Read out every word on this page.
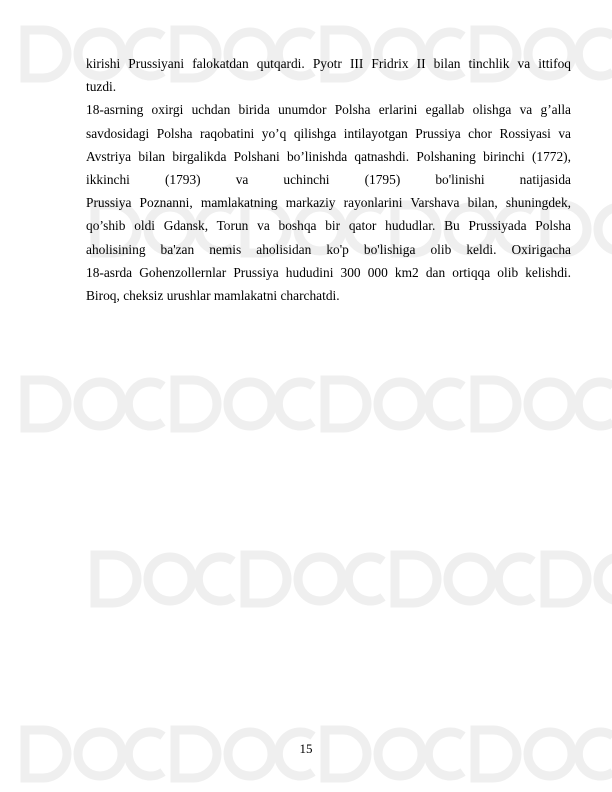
kirishi Prussiyani falokatdan qutqardi. Pyotr III Fridrix II bilan tinchlik va ittifoq
tuzdi.
18-asrning oxirgi uchdan birida unumdor Polsha erlarini egallab olishga va g’alla
savdosidagi Polsha raqobatini yo’q qilishga intilayotgan Prussiya chor Rossiyasi va
Avstriya bilan birgalikda Polshani bo’linishda qatnashdi. Polshaning birinchi (1772),
ikkinchi (1793) va uchinchi (1795) bo'linishi natijasida
Prussiya Poznanni, mamlakatning markaziy rayonlarini Varshava bilan, shuningdek,
qo’shib oldi Gdansk, Torun va boshqa bir qator hududlar. Bu Prussiyada Polsha
aholisining ba'zan nemis aholisidan ko'p bo'lishiga olib keldi. Oxirigacha
18-asrda Gohenzollernlar Prussiya hududini 300 000 km2 dan ortiqqa olib kelishdi.
Biroq, cheksiz urushlar mamlakatni charchatdi.
15
